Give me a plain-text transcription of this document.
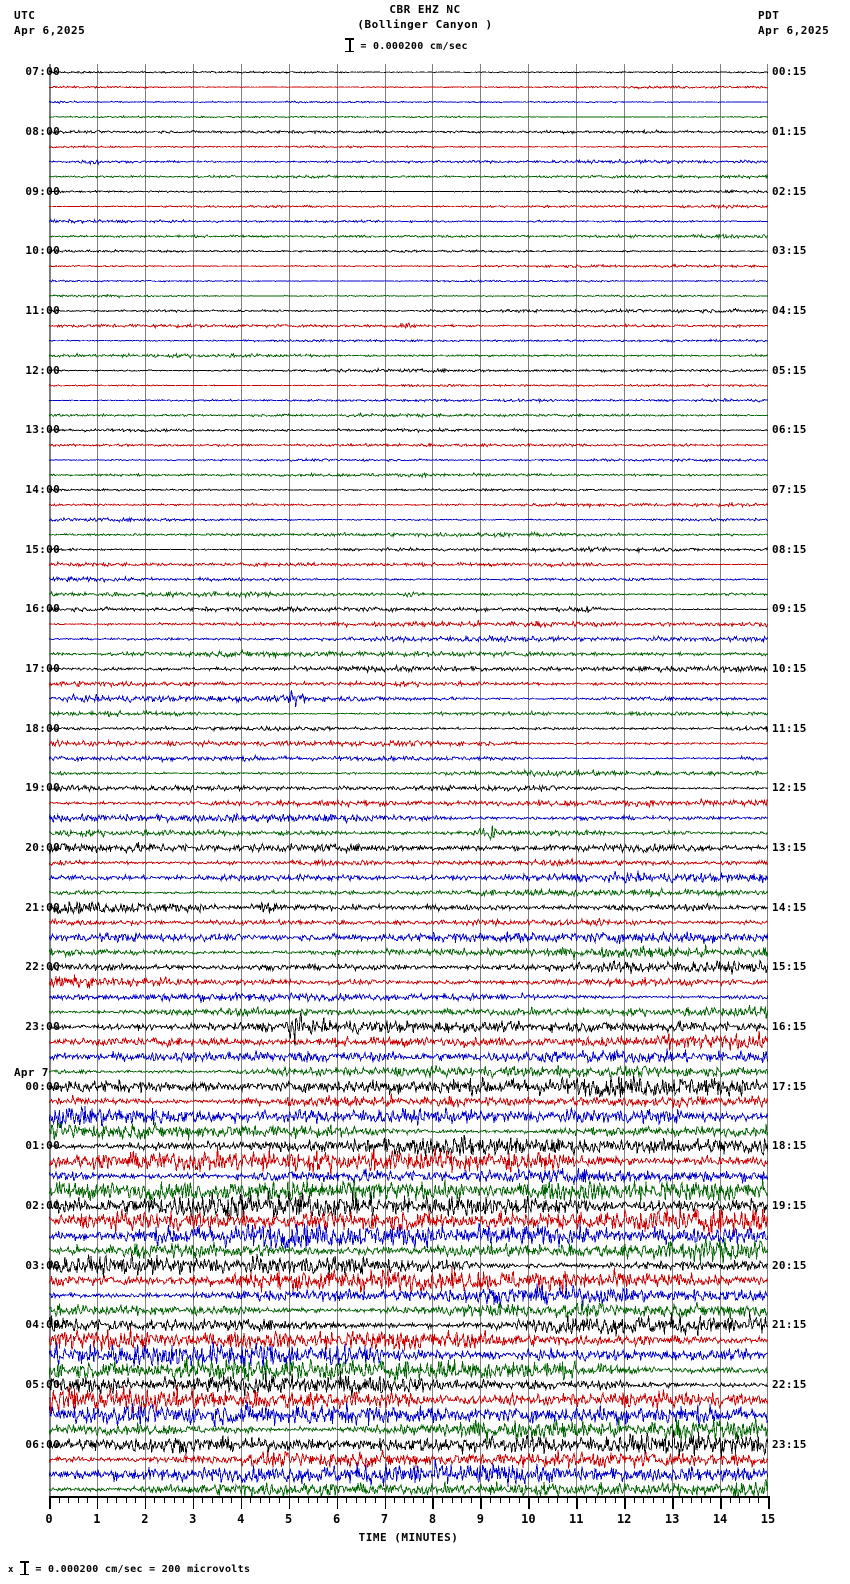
UTC
Apr 6,2025
CBR EHZ NC
(Bollinger Canyon )
= 0.000200 cm/sec
PDT
Apr 6,2025
07:00	00:15
08:00	01:15
09:00	02:15
10:00	03:15
11:00	04:15
12:00	05:15
13:00	06:15
14:00	07:15
15:00	08:15
16:00	09:15
17:00	10:15
18:00	11:15
19:00	12:15
20:00	13:15
21:00	14:15
22:00	15:15
23:00	16:15
00:00	17:15
01:00	18:15
02:00	19:15
03:00	20:15
04:00	21:15
05:00	22:15
06:00	23:15
Apr 7
0	1	2	3	4	5	6	7	8	9	10	11	12	13	14	15
TIME (MINUTES)
x = 0.000200 cm/sec = 200 microvolts
